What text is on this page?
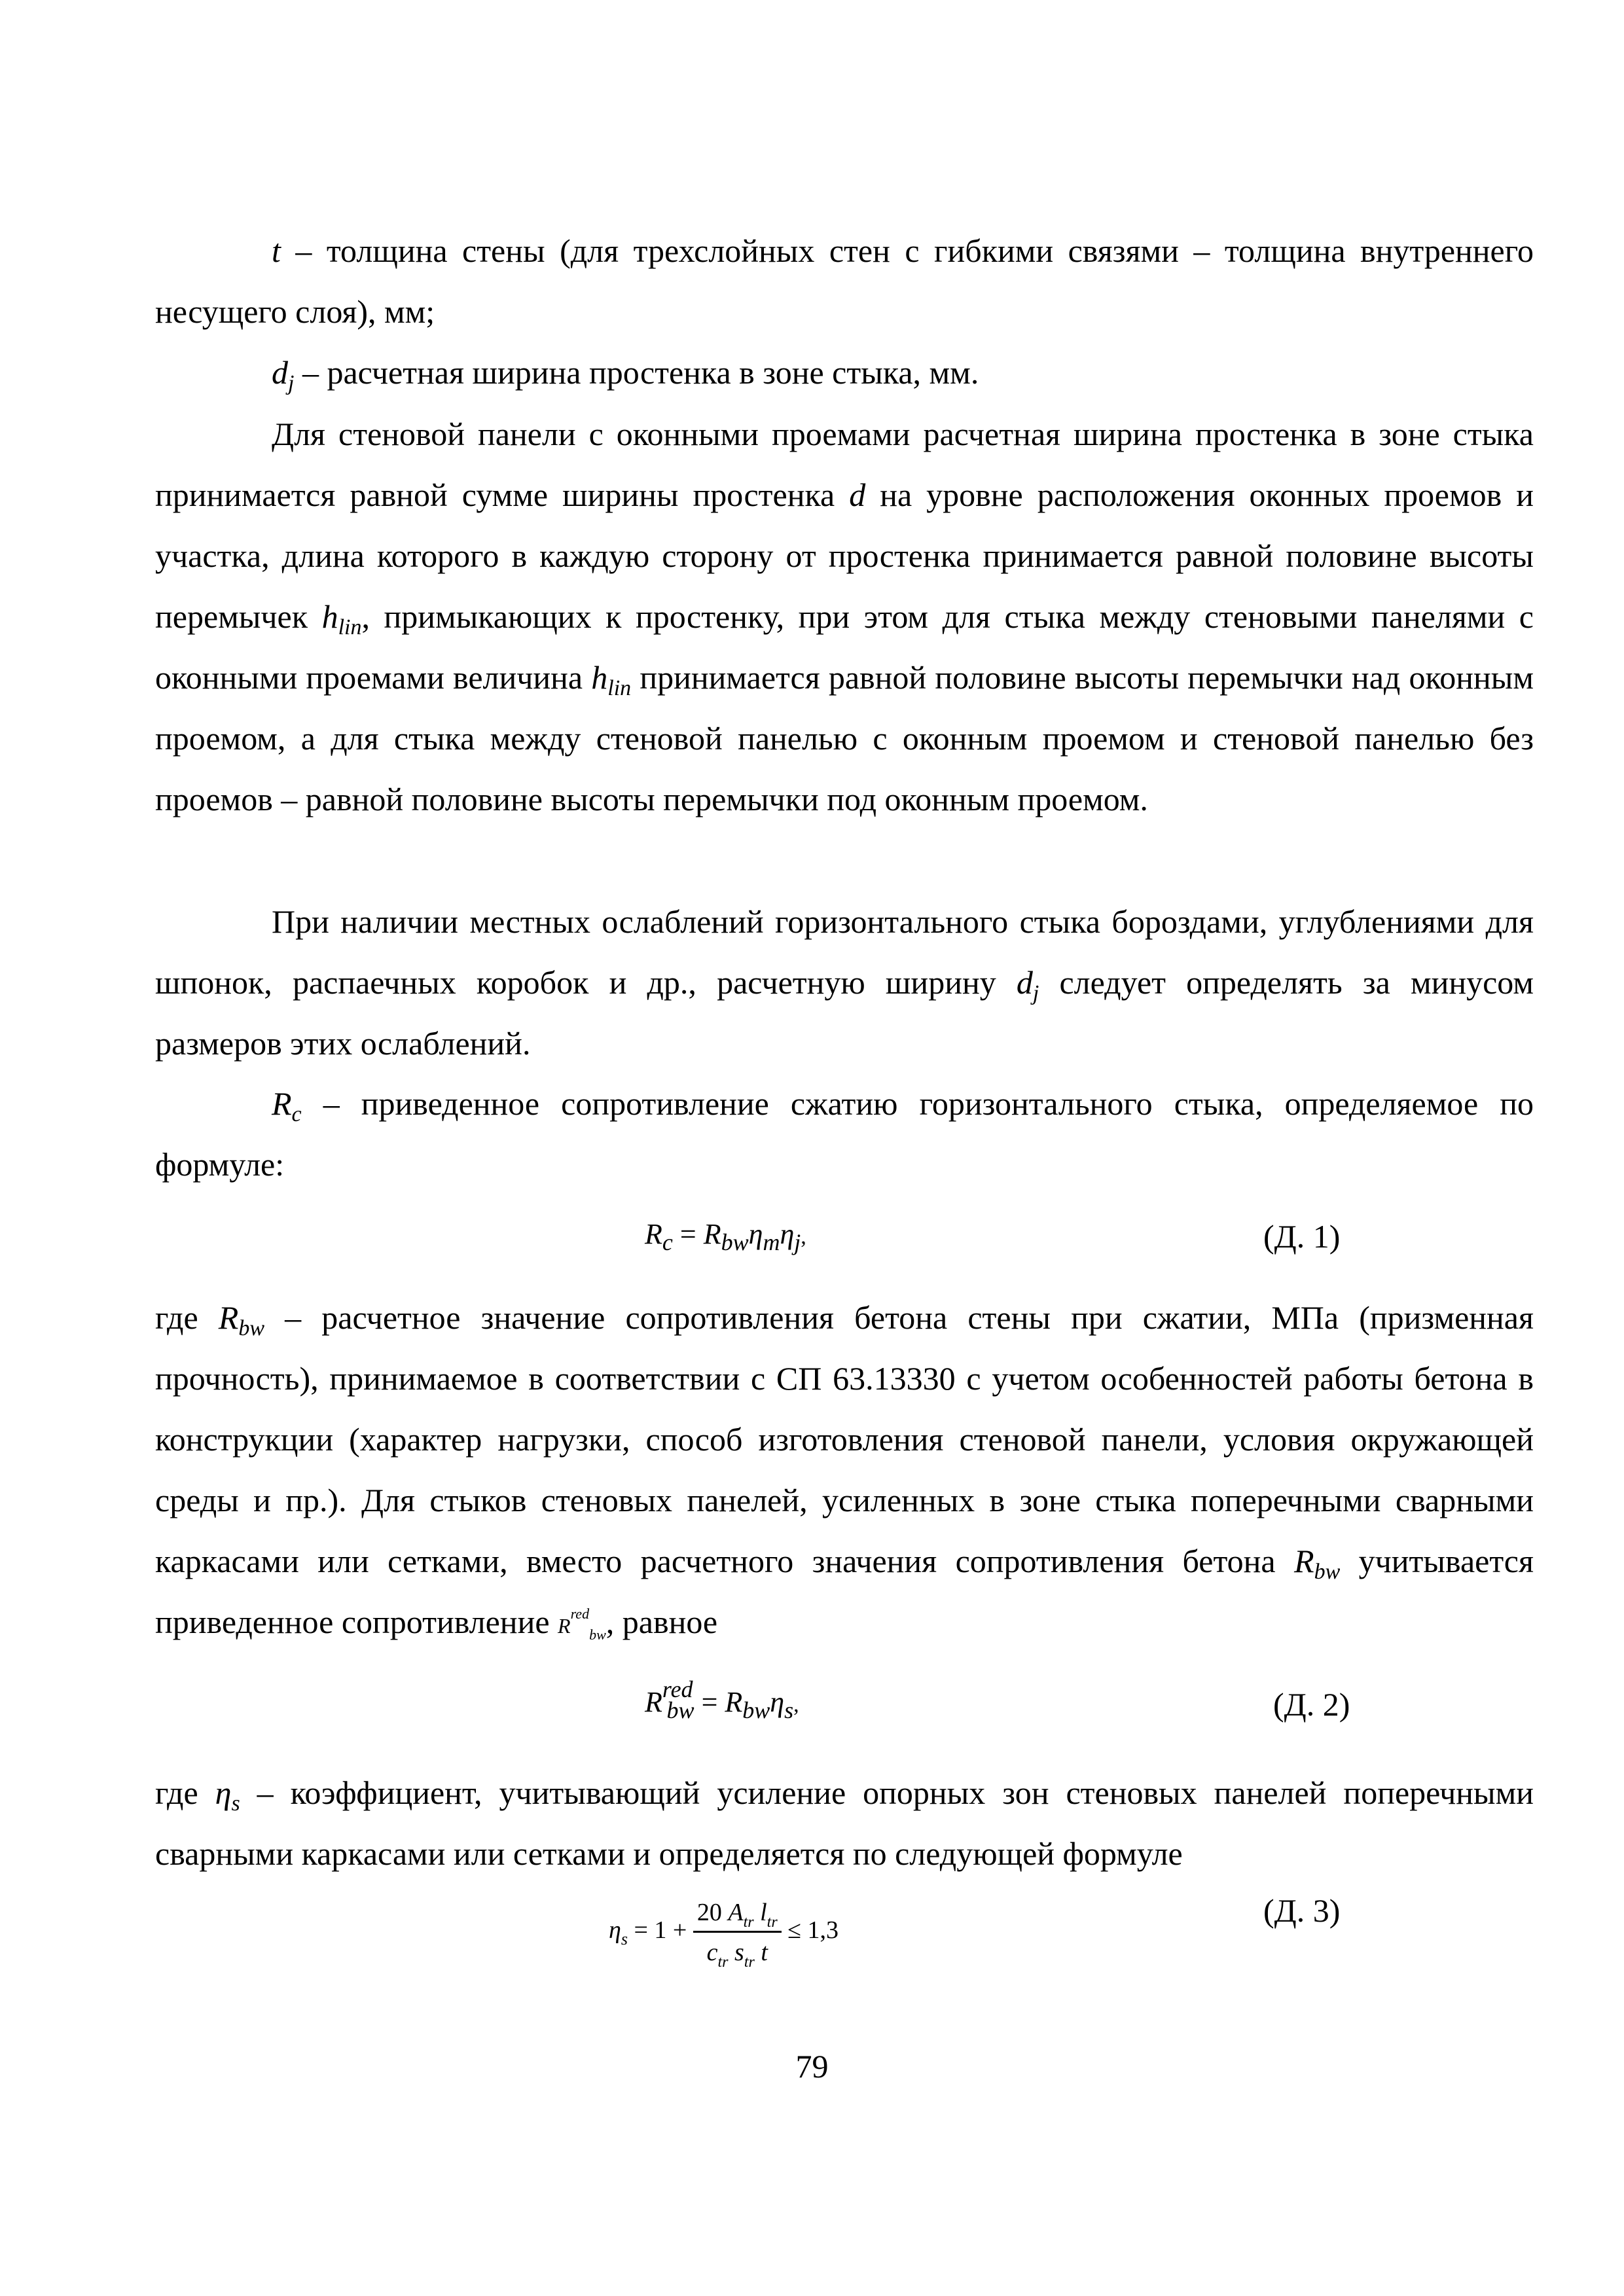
t – толщина стены (для трехслойных стен с гибкими связями – толщина внутреннего несущего слоя), мм;
$d_j$ – расчетная ширина простенка в зоне стыка, мм.
Для стеновой панели с оконными проемами расчетная ширина простенка в зоне стыка принимается равной сумме ширины простенка d на уровне расположения оконных проемов и участка, длина которого в каждую сторону от простенка принимается равной половине высоты перемычек $h_{lin}$, примыкающих к простенку, при этом для стыка между стеновыми панелями с оконными проемами величина $h_{lin}$ принимается равной половине высоты перемычки над оконным проемом, а для стыка между стеновой панелью с оконным проемом и стеновой панелью без проемов – равной половине высоты перемычки под оконным проемом.
При наличии местных ослаблений горизонтального стыка бороздами, углублениями для шпонок, распаечных коробок и др., расчетную ширину $d_j$ следует определять за минусом размеров этих ослаблений.
$R_c$ – приведенное сопротивление сжатию горизонтального стыка, определяемое по формуле:
$R_c = R_{bw}\eta_m\eta_j$,	(Д. 1)
где $R_{bw}$ – расчетное значение сопротивления бетона стены при сжатии, МПа (призменная прочность), принимаемое в соответствии с СП 63.13330 с учетом особенностей работы бетона в конструкции (характер нагрузки, способ изготовления стеновой панели, условия окружающей среды и пр.). Для стыков стеновых панелей, усиленных в зоне стыка поперечными сварными каркасами или сетками, вместо расчетного значения сопротивления бетона $R_{bw}$ учитывается приведенное сопротивление $R^{red}_{bw}$, равное
$R^{red}_{bw} = R_{bw}\eta_s$,	(Д. 2)
где $\eta_s$ – коэффициент, учитывающий усиление опорных зон стеновых панелей поперечными сварными каркасами или сетками и определяется по следующей формуле
$\eta_s = 1 + \frac{20 A_{tr} l_{tr}}{c_{tr} s_{tr} t} \le 1,3$
(Д. 3)
79
